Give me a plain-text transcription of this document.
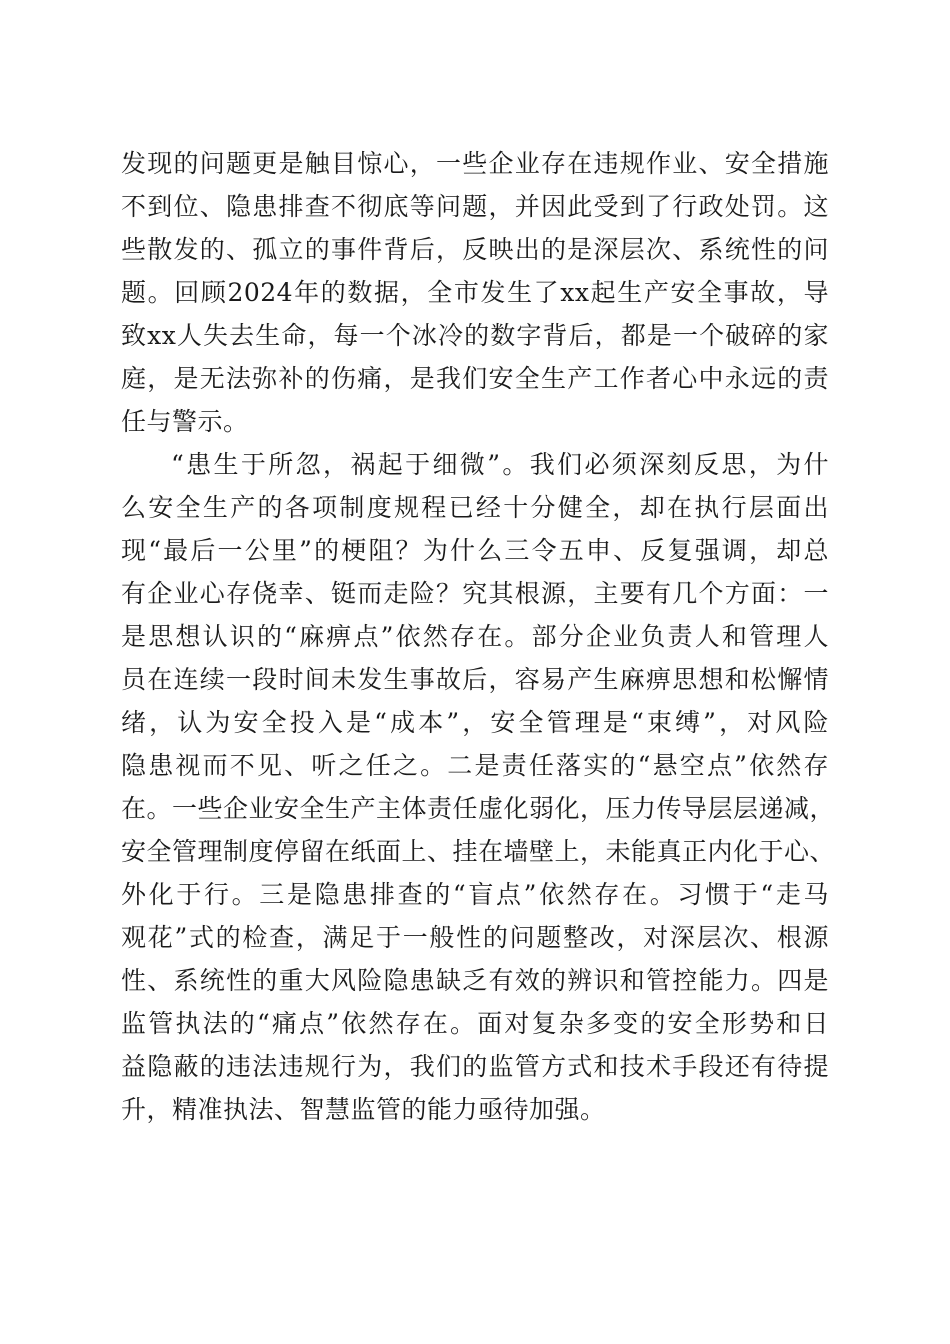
发现的问题更是触目惊心，一些企业存在违规作业、安全措施
不到位、隐患排查不彻底等问题，并因此受到了行政处罚。这
些散发的、孤立的事件背后，反映出的是深层次、系统性的问
题。回顾2024年的数据，全市发生了xx起生产安全事故，导
致xx人失去生命，每一个冰冷的数字背后，都是一个破碎的家
庭，是无法弥补的伤痛，是我们安全生产工作者心中永远的责
任与警示。
“患生于所忽，祸起于细微”。我们必须深刻反思，为什
么安全生产的各项制度规程已经十分健全，却在执行层面出
现“最后一公里”的梗阻？为什么三令五申、反复强调，却总
有企业心存侥幸、铤而走险？究其根源，主要有几个方面：一
是思想认识的“麻痹点”依然存在。部分企业负责人和管理人
员在连续一段时间未发生事故后，容易产生麻痹思想和松懈情
绪，认为安全投入是“成本”，安全管理是“束缚”，对风险
隐患视而不见、听之任之。二是责任落实的“悬空点”依然存
在。一些企业安全生产主体责任虚化弱化，压力传导层层递减，
安全管理制度停留在纸面上、挂在墙壁上，未能真正内化于心、
外化于行。三是隐患排查的“盲点”依然存在。习惯于“走马
观花”式的检查，满足于一般性的问题整改，对深层次、根源
性、系统性的重大风险隐患缺乏有效的辨识和管控能力。四是
监管执法的“痛点”依然存在。面对复杂多变的安全形势和日
益隐蔽的违法违规行为，我们的监管方式和技术手段还有待提
升，精准执法、智慧监管的能力亟待加强。
